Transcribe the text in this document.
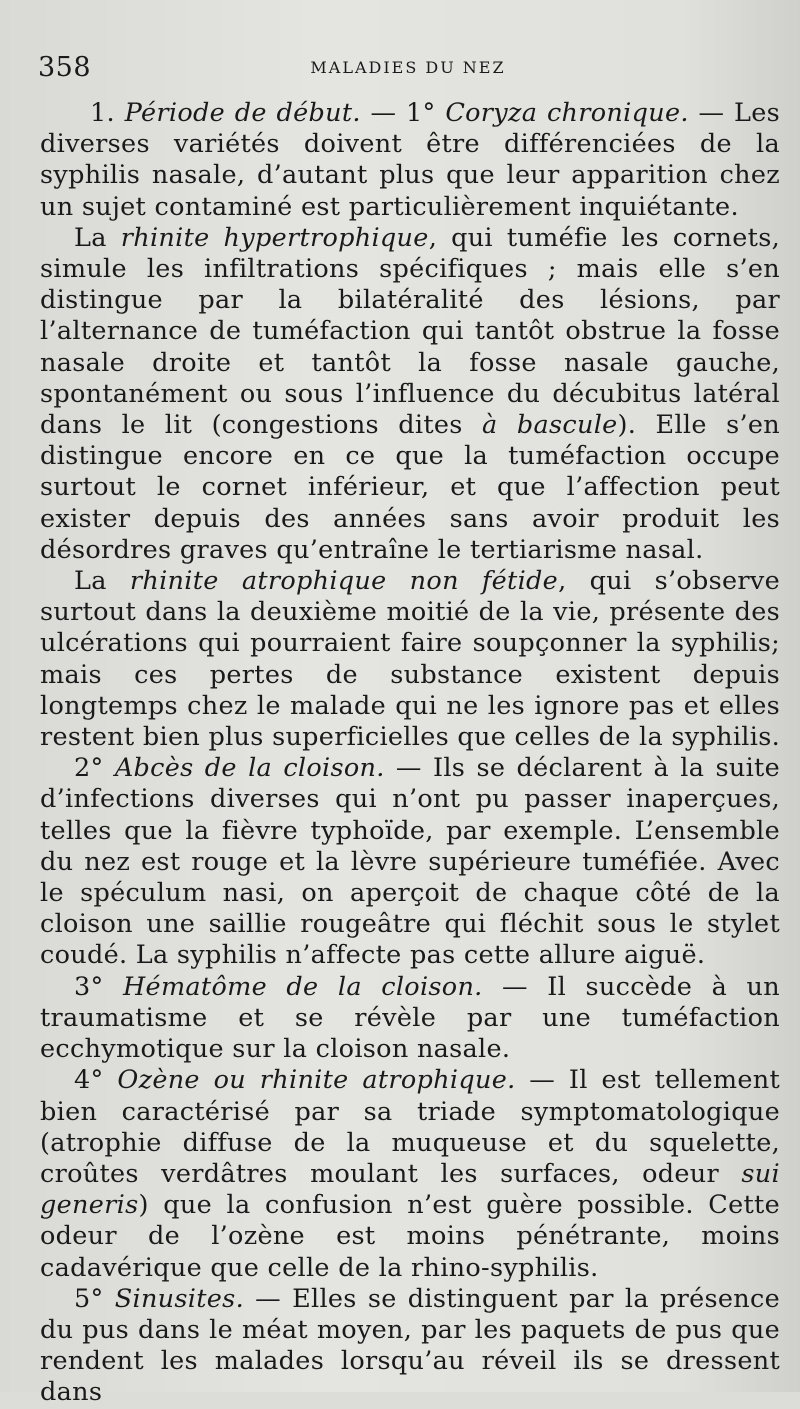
358	MALADIES DU NEZ

1. Période de début. — 1° Coryza chronique. — Les diverses variétés doivent être différenciées de la syphilis nasale, d’autant plus que leur apparition chez un sujet contaminé est particulièrement inquiétante.

La rhinite hypertrophique, qui tuméfie les cornets, simule les infiltrations spécifiques ; mais elle s’en distingue par la bilatéralité des lésions, par l’alternance de tuméfaction qui tantôt obstrue la fosse nasale droite et tantôt la fosse nasale gauche, spontanément ou sous l’influence du décubitus latéral dans le lit (congestions dites à bascule). Elle s’en distingue encore en ce que la tuméfaction occupe surtout le cornet inférieur, et que l’affection peut exister depuis des années sans avoir produit les désordres graves qu’entraîne le tertiarisme nasal.

La rhinite atrophique non fétide, qui s’observe surtout dans la deuxième moitié de la vie, présente des ulcérations qui pourraient faire soupçonner la syphilis; mais ces pertes de substance existent depuis longtemps chez le malade qui ne les ignore pas et elles restent bien plus superficielles que celles de la syphilis.

2° Abcès de la cloison. — Ils se déclarent à la suite d’infections diverses qui n’ont pu passer inaperçues, telles que la fièvre typhoïde, par exemple. L’ensemble du nez est rouge et la lèvre supérieure tuméfiée. Avec le spéculum nasi, on aperçoit de chaque côté de la cloison une saillie rougeâtre qui fléchit sous le stylet coudé. La syphilis n’affecte pas cette allure aiguë.

3° Hématôme de la cloison. — Il succède à un traumatisme et se révèle par une tuméfaction ecchymotique sur la cloison nasale.

4° Ozène ou rhinite atrophique. — Il est tellement bien caractérisé par sa triade symptomatologique (atrophie diffuse de la muqueuse et du squelette, croûtes verdâtres moulant les surfaces, odeur sui generis) que la confusion n’est guère possible. Cette odeur de l’ozène est moins pénétrante, moins cadavérique que celle de la rhino-syphilis.

5° Sinusites. — Elles se distinguent par la présence du pus dans le méat moyen, par les paquets de pus que rendent les malades lorsqu’au réveil ils se dressent dans
